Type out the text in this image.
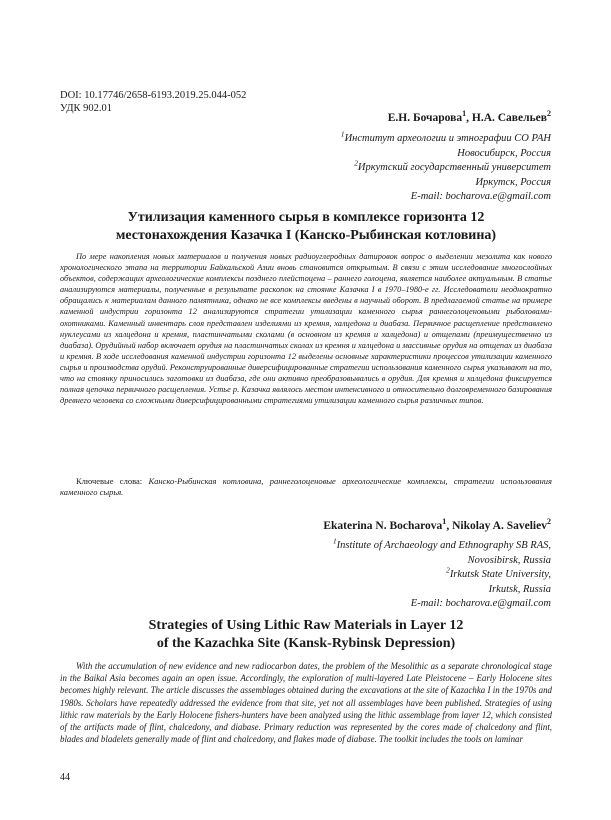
DOI: 10.17746/2658-6193.2019.25.044-052
УДК 902.01
Е.Н. Бочарова$^1$, Н.А. Савельев$^2$
$^1$Институт археологии и этнографии СО РАН
Новосибирск, Россия
$^2$Иркутский государственный университет
Иркутск, Россия
E-mail: bocharova.e@gmail.com
Утилизация каменного сырья в комплексе горизонта 12
местонахождения Казачка I (Канско-Рыбинская котловина)
По мере накопления новых материалов и получения новых радиоуглеродных датировок вопрос о выделении мезолита как нового хронологического этапа на территории Байкальской Азии вновь становится открытым. В связи с этим исследование многослойных объектов, содержащих археологические комплексы позднего плейстоцена – раннего голоцена, является наиболее актуальным. В статье анализируются материалы, полученные в результате раскопок на стоянке Казачка I в 1970–1980-е гг. Исследователи неоднократно обращались к материалам данного памятника, однако не все комплексы введены в научный оборот. В предлагаемой статье на примере каменной индустрии горизонта 12 анализируются стратегии утилизации каменного сырья раннеголоценовыми рыболовами-охотниками. Каменный инвентарь слоя представлен изделиями из кремня, халцедона и диабаза. Первичное расщепление представлено нуклеусами из халцедона и кремня, пластинчатыми сколами (в основном из кремня и халцедона) и отщепами (преимущественно из диабаза). Орудийный набор включает орудия на пластинчатых сколах из кремня и халцедона и массивные орудия на отщепах из диабаза и кремня. В ходе исследования каменной индустрии горизонта 12 выделены основные характеристики процессов утилизации каменного сырья и производства орудий. Реконструированные диверсифицированные стратегии использования каменного сырья указывают на то, что на стоянку приносились заготовки из диабаза, где они активно преобразовывались в орудия. Для кремня и халцедона фиксируется полная цепочка первичного расщепления. Устье р. Казачка являлось местом интенсивного и относительно долговременного базирования древнего человека со сложными диверсифицированными стратегиями утилизации каменного сырья различных типов.
Ключевые слова: Канско-Рыбинская котловина, раннеголоценовые археологические комплексы, стратегии использования каменного сырья.
Ekaterina N. Bocharova$^1$, Nikolay A. Saveliev$^2$
$^1$Institute of Archaeology and Ethnography SB RAS,
Novosibirsk, Russia
$^2$Irkutsk State University,
Irkutsk, Russia
E-mail: bocharova.e@gmail.com
Strategies of Using Lithic Raw Materials in Layer 12
of the Kazachka Site (Kansk-Rybinsk Depression)
With the accumulation of new evidence and new radiocarbon dates, the problem of the Mesolithic as a separate chronological stage in the Baikal Asia becomes again an open issue. Accordingly, the exploration of multi-layered Late Pleistocene – Early Holocene sites becomes highly relevant. The article discusses the assemblages obtained during the excavations at the site of Kazachka I in the 1970s and 1980s. Scholars have repeatedly addressed the evidence from that site, yet not all assemblages have been published. Strategies of using lithic raw materials by the Early Holocene fishers-hunters have been analyzed using the lithic assemblage from layer 12, which consisted of the artifacts made of flint, chalcedony, and diabase. Primary reduction was represented by the cores made of chalcedony and flint, blades and bladelets generally made of flint and chalcedony, and flakes made of diabase. The toolkit includes the tools on laminar
44
